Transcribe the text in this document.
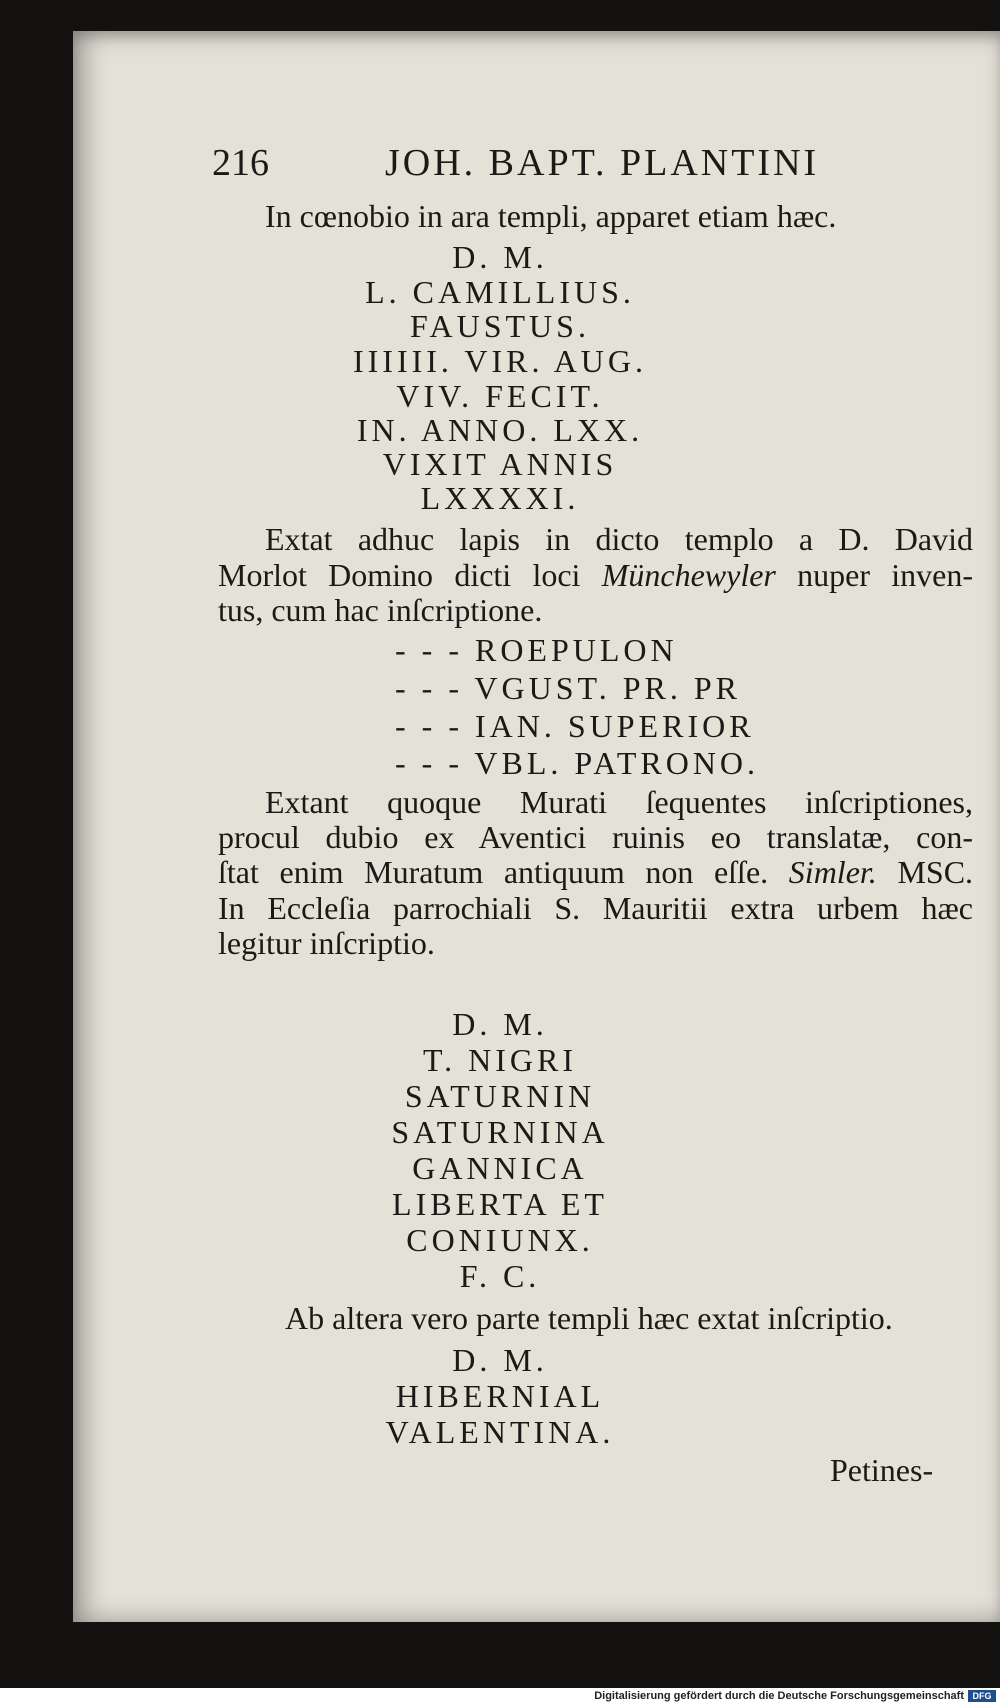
216	JOH. BAPT. PLANTINI
In cœnobio in ara templi, apparet etiam hæc.
D. M.
L. CAMILLIUS.
FAUSTUS.
IIIIII. VIR. AUG.
VIV. FECIT.
IN. ANNO. LXX.
VIXIT ANNIS
LXXXXI.
Extat adhuc lapis in dicto templo a D. David
Morlot Domino dicti loci Münchewyler nuper inven-
tus, cum hac inſcriptione.
- - - ROEPULON
- - - VGUST. PR. PR
- - - IAN. SUPERIOR
- - - VBL. PATRONO.
Extant quoque Murati ſequentes inſcriptiones,
procul dubio ex Aventici ruinis eo translatæ, con-
ſtat enim Muratum antiquum non eſſe. Simler. MSC.
In Eccleſia parrochiali S. Mauritii extra urbem hæc
legitur inſcriptio.
D. M.
T. NIGRI
SATURNIN
SATURNINA
GANNICA
LIBERTA ET
CONIUNX.
F. C.
Ab altera vero parte templi hæc extat inſcriptio.
D. M.
HIBERNIAL
VALENTINA.
Petines-
Digitalisierung gefördert durch die Deutsche Forschungsgemeinschaft DFG
